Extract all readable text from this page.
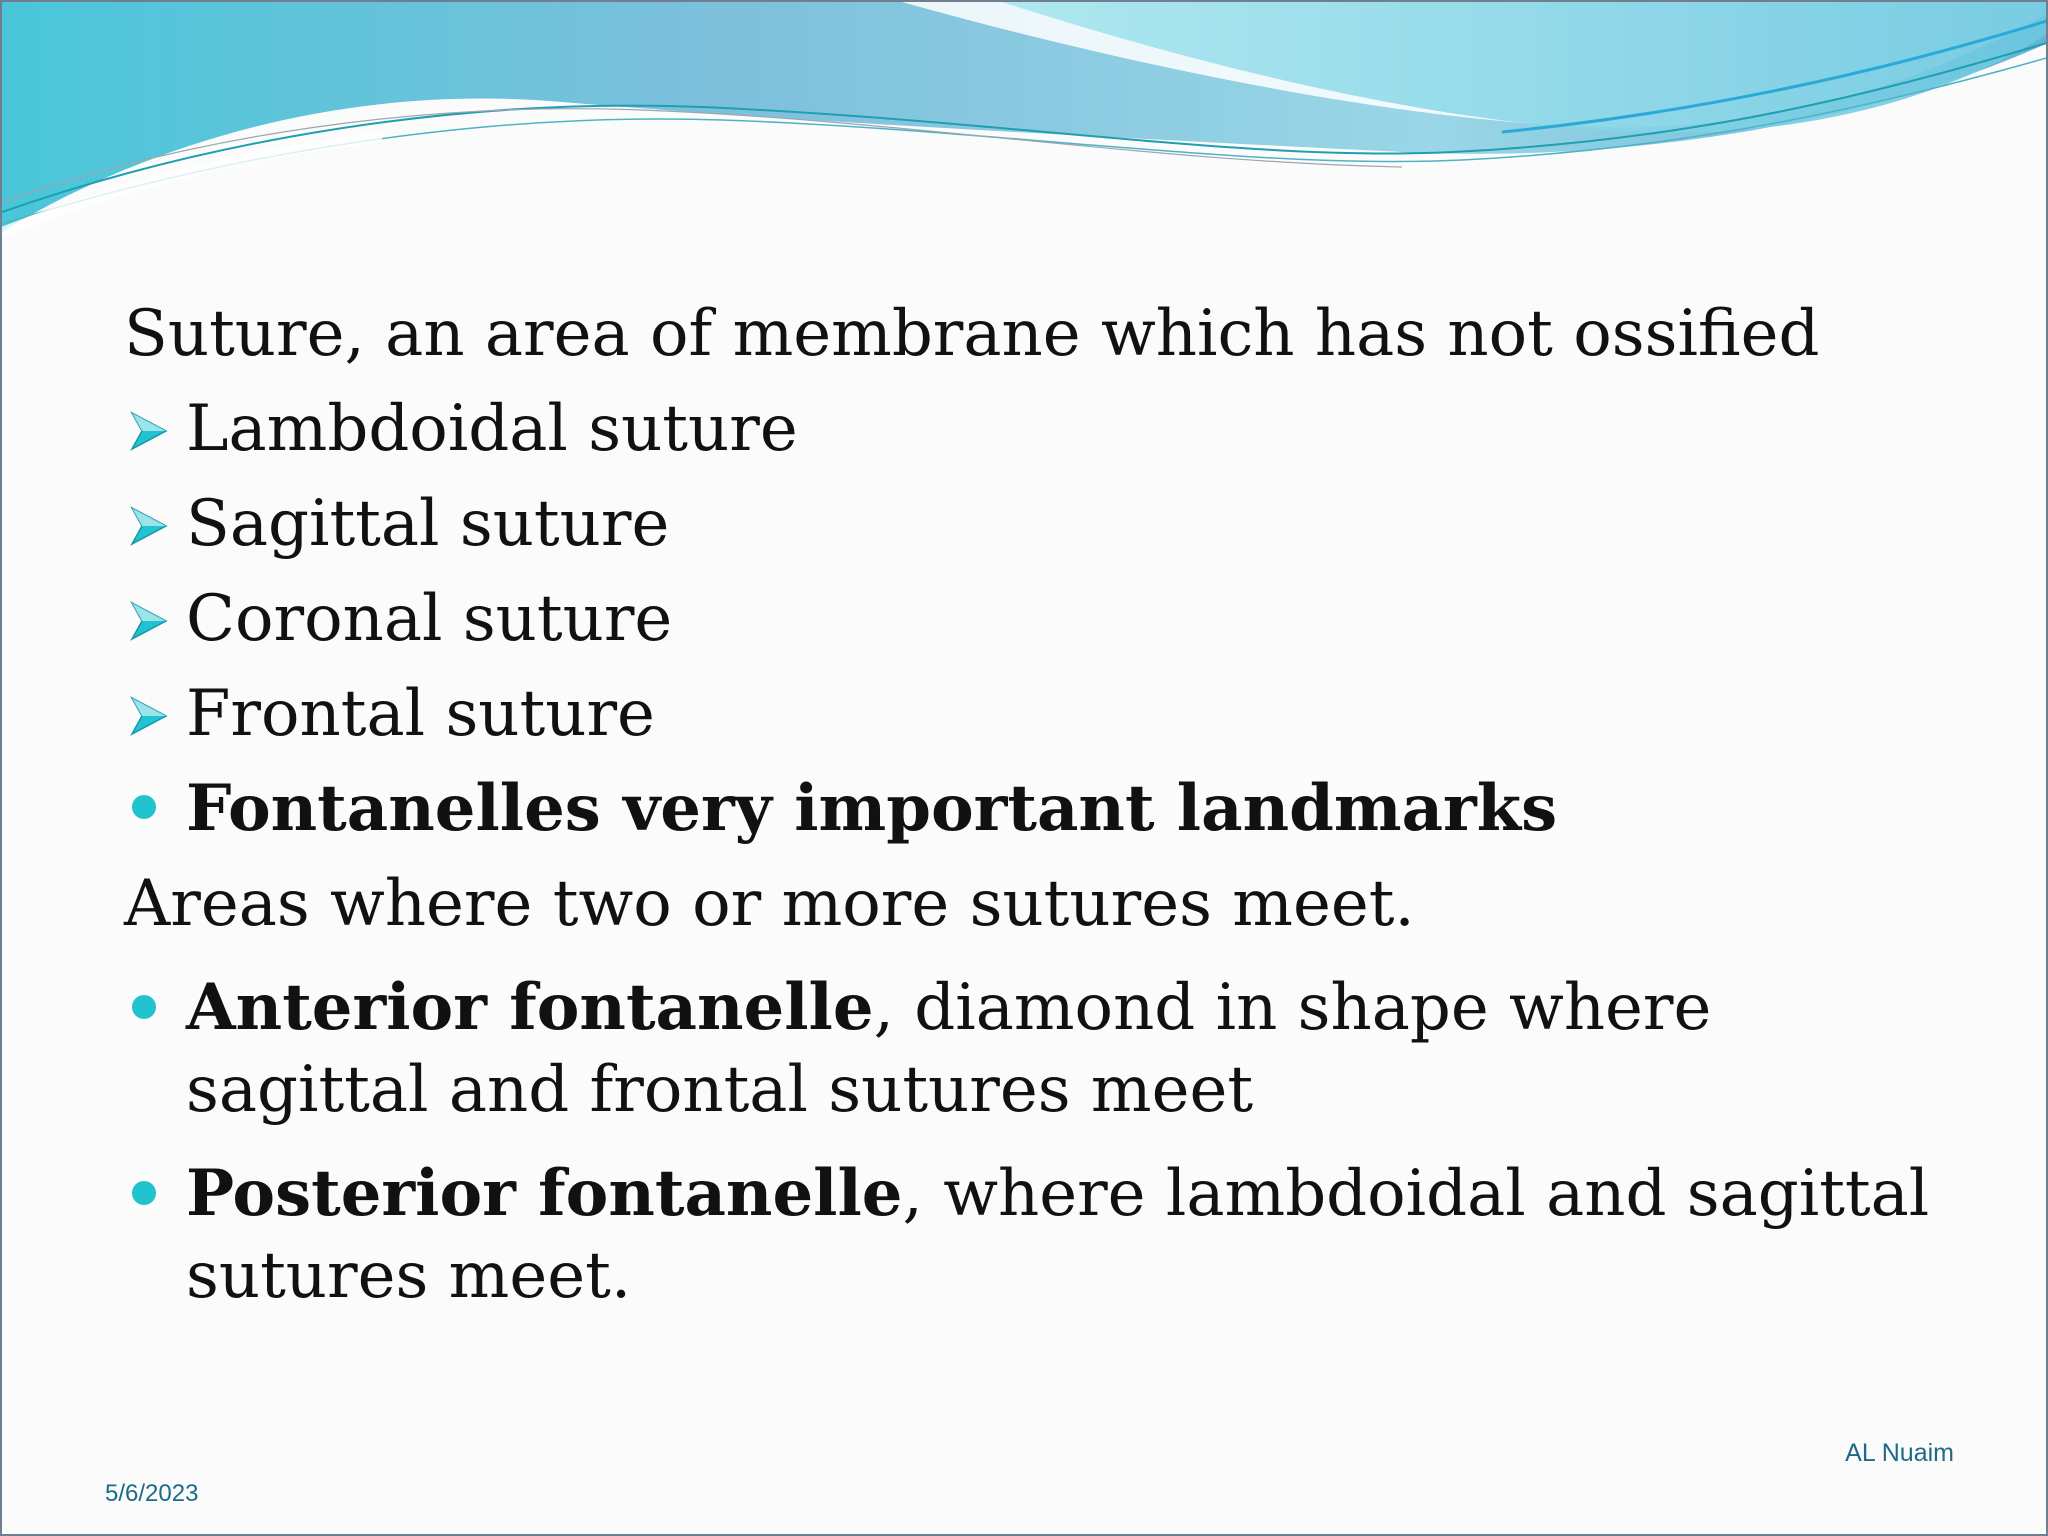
Suture, an area of membrane which has not ossified
Lambdoidal suture
Sagittal suture
Coronal suture
Frontal suture
Fontanelles very important landmarks
Areas where two or more sutures meet.
Anterior fontanelle, diamond in shape where sagittal and frontal sutures meet
Posterior fontanelle, where lambdoidal and sagittal sutures meet.
AL Nuaim
5/6/2023
